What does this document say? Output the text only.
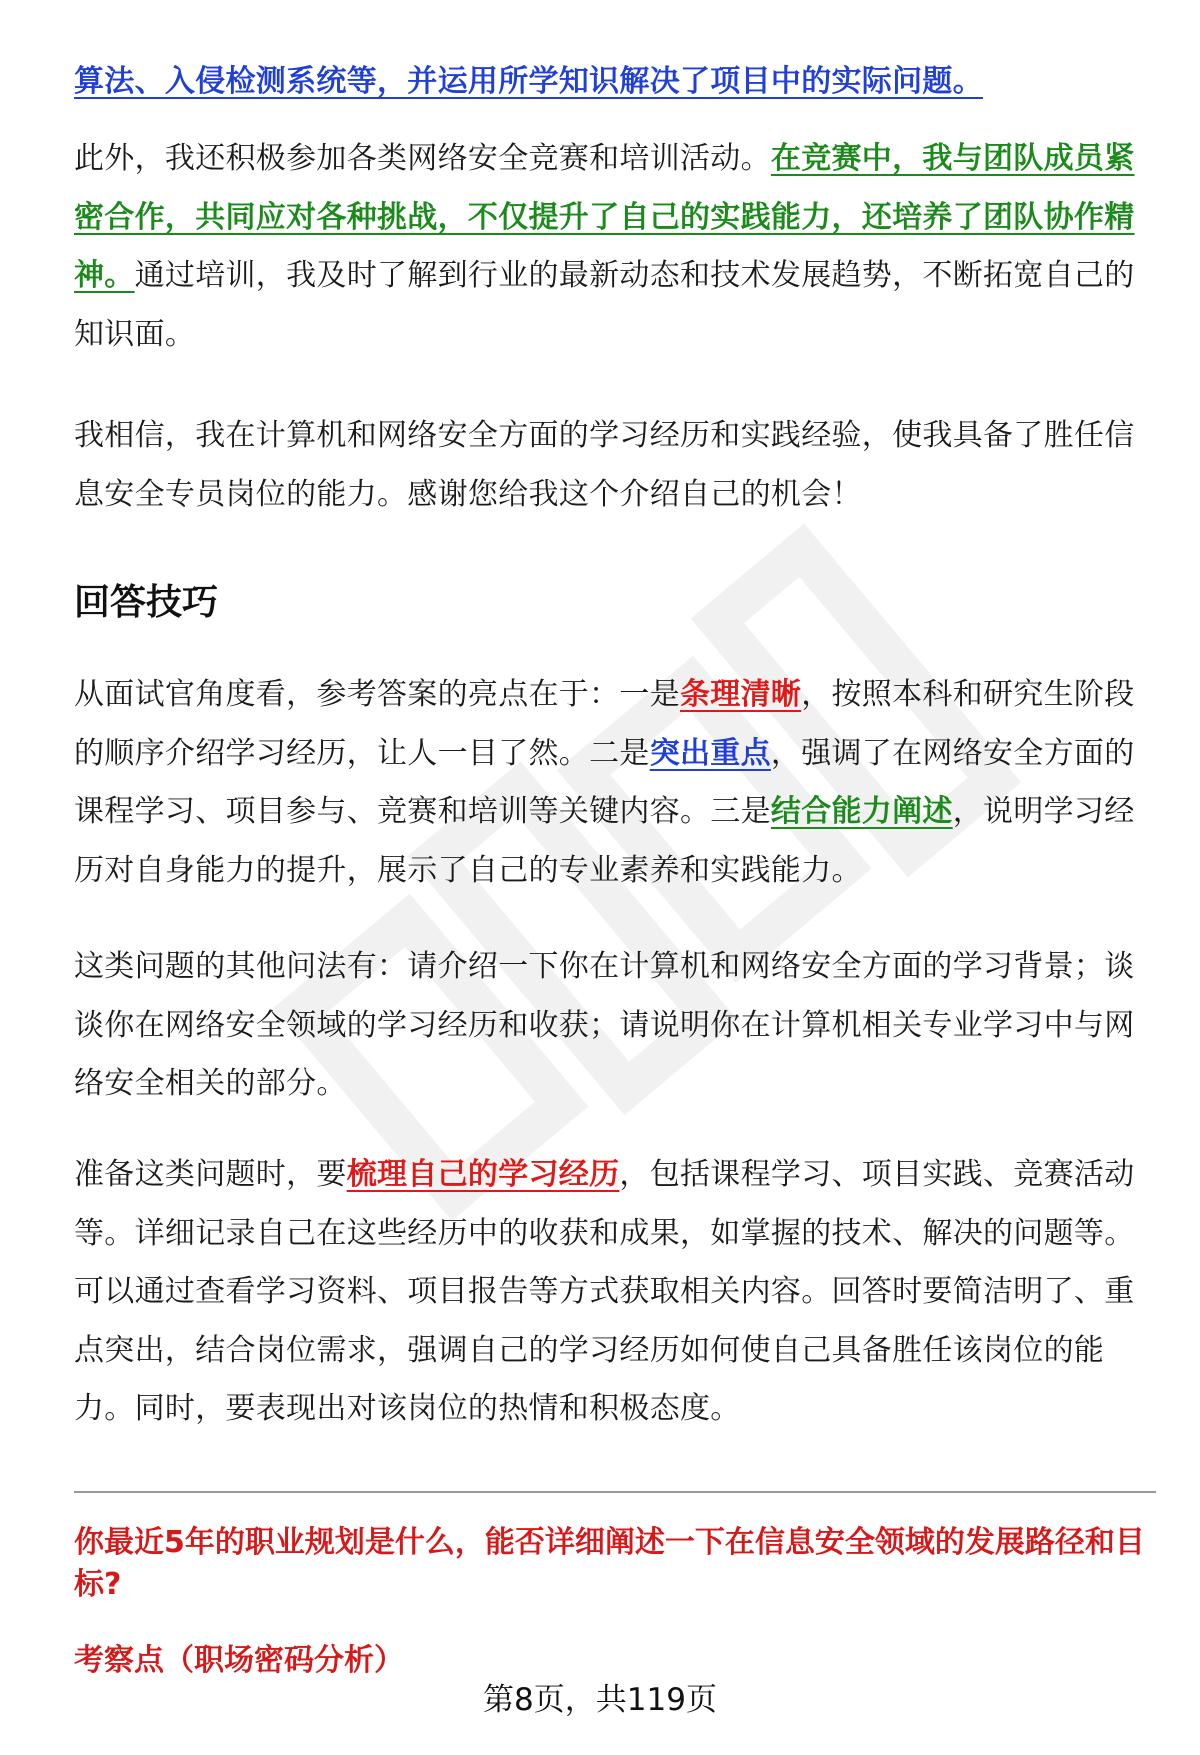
算法、入侵检测系统等，并运用所学知识解决了项目中的实际问题。

此外，我还积极参加各类网络安全竞赛和培训活动。在竞赛中，我与团队成员紧密合作，共同应对各种挑战，不仅提升了自己的实践能力，还培养了团队协作精神。通过培训，我及时了解到行业的最新动态和技术发展趋势，不断拓宽自己的知识面。

我相信，我在计算机和网络安全方面的学习经历和实践经验，使我具备了胜任信息安全专员岗位的能力。感谢您给我这个介绍自己的机会！

回答技巧

从面试官角度看，参考答案的亮点在于：一是条理清晰，按照本科和研究生阶段的顺序介绍学习经历，让人一目了然。二是突出重点，强调了在网络安全方面的课程学习、项目参与、竞赛和培训等关键内容。三是结合能力阐述，说明学习经历对自身能力的提升，展示了自己的专业素养和实践能力。

这类问题的其他问法有：请介绍一下你在计算机和网络安全方面的学习背景；谈谈你在网络安全领域的学习经历和收获；请说明你在计算机相关专业学习中与网络安全相关的部分。

准备这类问题时，要梳理自己的学习经历，包括课程学习、项目实践、竞赛活动等。详细记录自己在这些经历中的收获和成果，如掌握的技术、解决的问题等。可以通过查看学习资料、项目报告等方式获取相关内容。回答时要简洁明了、重点突出，结合岗位需求，强调自己的学习经历如何使自己具备胜任该岗位的能力。同时，要表现出对该岗位的热情和积极态度。

你最近5年的职业规划是什么，能否详细阐述一下在信息安全领域的发展路径和目标?

考察点（职场密码分析）

第8页，共119页
